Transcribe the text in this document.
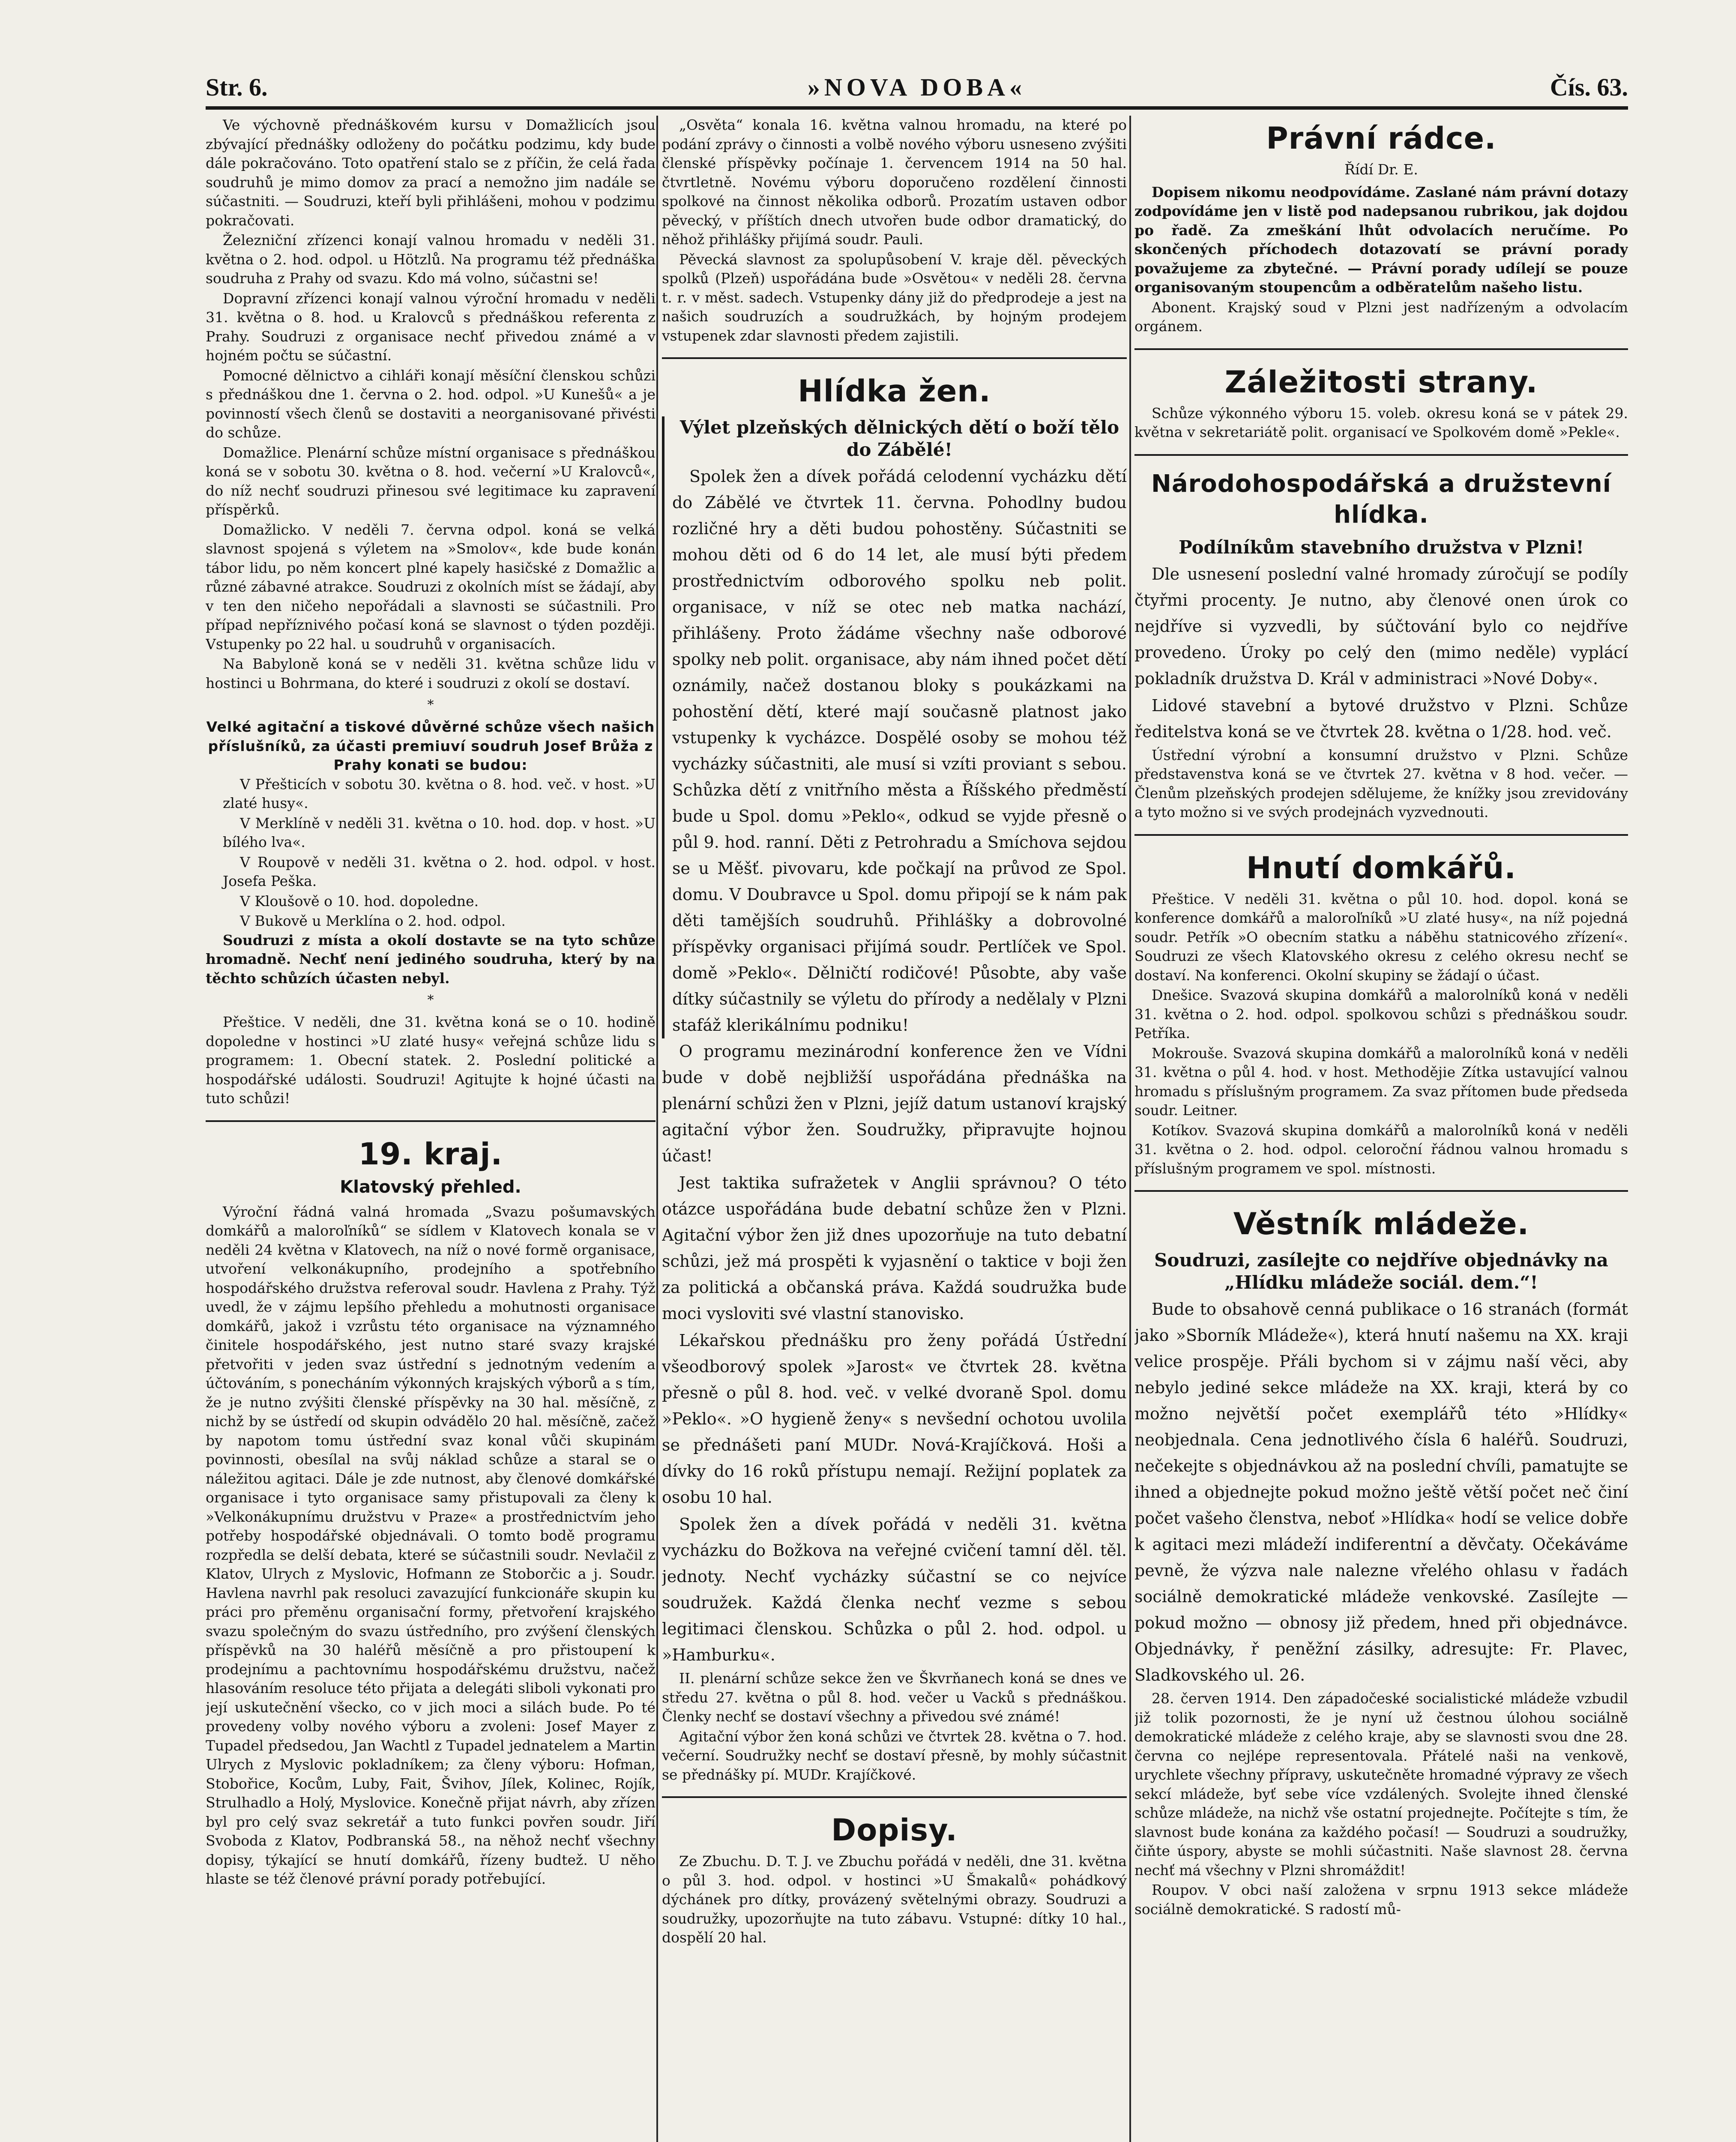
Str. 6.	»NOVA DOBA«	Čís. 63.

Ve výchovně přednáškovém kursu v Domažlicích jsou zbývající přednášky odloženy do počátku podzimu, kdy bude dále pokračováno. Toto opatření stalo se z příčin, že celá řada soudruhů je mimo domov za prací a nemožno jim nadále se súčastniti. — Soudruzi, kteří byli přihlášeni, mohou v podzimu pokračovati.

Železniční zřízenci konají valnou hromadu v neděli 31. května o 2. hod. odpol. u Hötzlů. Na programu též přednáška soudruha z Prahy od svazu. Kdo má volno, súčastni se!

Dopravní zřízenci konají valnou výroční hromadu v neděli 31. května o 8. hod. u Kralovců s přednáškou referenta z Prahy. Soudruzi z organisace nechť přivedou známé a v hojném počtu se súčastní.

Pomocné dělnictvo a cihláři konají měsíční členskou schůzi s přednáškou dne 1. června o 2. hod. odpol. »U Kunešů« a je povinností všech členů se dostaviti a neorganisované přivésti do schůze.

Domažlice. Plenární schůze místní organisace s přednáškou koná se v sobotu 30. května o 8. hod. večerní »U Kralovců«, do níž nechť soudruzi přinesou své legitimace ku zapravení příspěrků.

Domažlicko. V neděli 7. června odpol. koná se velká slavnost spojená s výletem na »Smolov«, kde bude konán tábor lidu, po něm koncert plné kapely hasičské z Domažlic a různé zábavné atrakce. Soudruzi z okolních míst se žádají, aby v ten den ničeho nepořádali a slavnosti se súčastnili. Pro případ nepříznivého počasí koná se slavnost o týden později. Vstupenky po 22 hal. u soudruhů v organisacích.

Na Babyloně koná se v neděli 31. května schůze lidu v hostinci u Bohrmana, do které i soudruzi z okolí se dostaví.

*

Velké agitační a tiskové důvěrné schůze všech našich příslušníků, za účasti premiuví soudruh Josef Brůža z Prahy konati se budou:

V Přešticích v sobotu 30. května o 8. hod. več. v host. »U zlaté husy«.

V Merklíně v neděli 31. května o 10. hod. dop. v host. »U bílého lva«.

V Roupově v neděli 31. května o 2. hod. odpol. v host. Josefa Peška.

V Kloušově o 10. hod. dopoledne.

V Bukově u Merklína o 2. hod. odpol.

Soudruzi z místa a okolí dostavte se na tyto schůze hromadně. Nechť není jediného soudruha, který by na těchto schůzích účasten nebyl.

*

Přeštice. V neděli, dne 31. května koná se o 10. hodině dopoledne v hostinci »U zlaté husy« veřejná schůze lidu s programem: 1. Obecní statek. 2. Poslední politické a hospodářské události. Soudruzi! Agitujte k hojné účasti na tuto schůzi!

19. kraj.
Klatovský přehled.

Výroční řádná valná hromada „Svazu pošumavských domkářů a maloroľníků“ se sídlem v Klatovech konala se v neděli 24 května v Klatovech, na níž o nové formě organisace, utvoření velkonákupního, prodejního a spotřebního hospodářského družstva referoval soudr. Havlena z Prahy. Týž uvedl, že v zájmu lepšího přehledu a mohutnosti organisace domkářů, jakož i vzrůstu této organisace na významného činitele hospodářského, jest nutno staré svazy krajské přetvořiti v jeden svaz ústřední s jednotným vedením a účtováním, s ponecháním výkonných krajských výborů a s tím, že je nutno zvýšiti členské příspěvky na 30 hal. měsíčně, z nichž by se ústředí od skupin odvádělo 20 hal. měsíčně, začež by napotom tomu ústřední svaz konal vůči skupinám povinnosti, obesílal na svůj náklad schůze a staral se o náležitou agitaci. Dále je zde nutnost, aby členové domkářské organisace i tyto organisace samy přistupovali za členy k »Velkonákupnímu družstvu v Praze« a prostřednictvím jeho potřeby hospodářské objednávali. O tomto bodě programu rozpředla se delší debata, které se súčastnili soudr. Nevlačil z Klatov, Ulrych z Myslovic, Hofmann ze Stoborčic a j. Soudr. Havlena navrhl pak resoluci zavazující funkcionáře skupin ku práci pro přeměnu organisační formy, přetvoření krajského svazu společným do svazu ústředního, pro zvýšení členských příspěvků na 30 haléřů měsíčně a pro přistoupení k prodejnímu a pachtovnímu hospodářskému družstvu, načež hlasováním resoluce této přijata a delegáti sliboli vykonati pro její uskutečnění všecko, co v jich moci a silách bude. Po té provedeny volby nového výboru a zvoleni: Josef Mayer z Tupadel předsedou, Jan Wachtl z Tupadel jednatelem a Martin Ulrych z Myslovic pokladníkem; za členy výboru: Hofman, Stobořice, Kocům, Luby, Fait, Švihov, Jílek, Kolinec, Rojík, Strulhadlo a Holý, Myslovice. Konečně přijat návrh, aby zřízen byl pro celý svaz sekretář a tuto funkci povřen soudr. Jiří Svoboda z Klatov, Podbranská 58., na něhož nechť všechny dopisy, týkající se hnutí domkářů, řízeny budtež. U něho hlaste se též členové právní porady potřebující.

„Osvěta“ konala 16. května valnou hromadu, na které po podání zprávy o činnosti a volbě nového výboru usneseno zvýšiti členské příspěvky počínaje 1. červencem 1914 na 50 hal. čtvrtletně. Novému výboru doporučeno rozdělení činnosti spolkové na činnost několika odborů. Prozatím ustaven odbor pěvecký, v příštích dnech utvořen bude odbor dramatický, do něhož přihlášky přijímá soudr. Pauli.

Pěvecká slavnost za spolupůsobení V. kraje děl. pěveckých spolků (Plzeň) uspořádána bude »Osvětou« v neděli 28. června t. r. v měst. sadech. Vstupenky dány již do předprodeje a jest na našich soudruzích a soudružkách, by hojným prodejem vstupenek zdar slavnosti předem zajistili.

Hlídka žen.
Výlet plzeňských dělnických dětí o boží tělo do Zábělé!

Spolek žen a dívek pořádá celodenní vycházku dětí do Zábělé ve čtvrtek 11. června. Pohodlny budou rozličné hry a děti budou pohostěny. Súčastniti se mohou děti od 6 do 14 let, ale musí býti předem prostřednictvím odborového spolku neb polit. organisace, v níž se otec neb matka nachází, přihlášeny. Proto žádáme všechny naše odborové spolky neb polit. organisace, aby nám ihned počet dětí oznámily, načež dostanou bloky s poukázkami na pohostění dětí, které mají současně platnost jako vstupenky k vycházce. Dospělé osoby se mohou též vycházky súčastniti, ale musí si vzíti proviant s sebou. Schůzka dětí z vnitřního města a Říšského předměstí bude u Spol. domu »Peklo«, odkud se vyjde přesně o půl 9. hod. ranní. Děti z Petrohradu a Smíchova sejdou se u Měšť. pivovaru, kde počkají na průvod ze Spol. domu. V Doubravce u Spol. domu připojí se k nám pak děti tamějších soudruhů. Přihlášky a dobrovolné příspěvky organisaci přijímá soudr. Pertlíček ve Spol. domě »Peklo«. Dělničtí rodičové! Působte, aby vaše dítky súčastnily se výletu do přírody a nedělaly v Plzni stafáž klerikálnímu podniku!

O programu mezinárodní konference žen ve Vídni bude v době nejbližší uspořádána přednáška na plenární schůzi žen v Plzni, jejíž datum ustanoví krajský agitační výbor žen. Soudružky, připravujte hojnou účast!

Jest taktika sufražetek v Anglii správnou? O této otázce uspořádána bude debatní schůze žen v Plzni. Agitační výbor žen již dnes upozorňuje na tuto debatní schůzi, jež má prospěti k vyjasnění o taktice v boji žen za politická a občanská práva. Každá soudružka bude moci vysloviti své vlastní stanovisko.

Lékařskou přednášku pro ženy pořádá Ústřední všeodborový spolek »Jarost« ve čtvrtek 28. května přesně o půl 8. hod. več. v velké dvoraně Spol. domu »Peklo«. »O hygieně ženy« s nevšední ochotou uvolila se přednášeti paní MUDr. Nová-Krajíčková. Hoši a dívky do 16 roků přístupu nemají. Režijní poplatek za osobu 10 hal.

Spolek žen a dívek pořádá v neděli 31. května vycházku do Božkova na veřejné cvičení tamní děl. těl. jednoty. Nechť vycházky súčastní se co nejvíce soudružek. Každá členka nechť vezme s sebou legitimaci členskou. Schůzka o půl 2. hod. odpol. u »Hamburku«.

II. plenární schůze sekce žen ve Škvrňanech koná se dnes ve středu 27. května o půl 8. hod. večer u Vacků s přednáškou. Členky nechť se dostaví všechny a přivedou své známé!

Agitační výbor žen koná schůzi ve čtvrtek 28. května o 7. hod. večerní. Soudružky nechť se dostaví přesně, by mohly súčastnit se přednášky pí. MUDr. Krajíčkové.

Dopisy.

Ze Zbuchu. D. T. J. ve Zbuchu pořádá v neděli, dne 31. května o půl 3. hod. odpol. v hostinci »U Šmakalů« pohádkový dýchánek pro dítky, provázený světelnými obrazy. Soudruzi a soudružky, upozorňujte na tuto zábavu. Vstupné: dítky 10 hal., dospělí 20 hal.

Právní rádce.
Řídí Dr. E.

Dopisem nikomu neodpovídáme. Zaslané nám právní dotazy zodpovídáme jen v listě pod nadepsanou rubrikou, jak dojdou po řadě. Za zmeškání lhůt odvolacích neručíme. Po skončených příchodech dotazovatí se právní porady považujeme za zbytečné. — Právní porady udílejí se pouze organisovaným stoupencům a odběratelům našeho listu.

Abonent. Krajský soud v Plzni jest nadřízeným a odvolacím orgánem.

Záležitosti strany.

Schůze výkonného výboru 15. voleb. okresu koná se v pátek 29. května v sekretariátě polit. organisací ve Spolkovém domě »Pekle«.

Národohospodářská a družstevní hlídka.
Podílníkům stavebního družstva v Plzni!

Dle usnesení poslední valné hromady zúročují se podíly čtyřmi procenty. Je nutno, aby členové onen úrok co nejdříve si vyzvedli, by súčtování bylo co nejdříve provedeno. Úroky po celý den (mimo neděle) vyplácí pokladník družstva D. Král v administraci »Nové Doby«.

Lidové stavební a bytové družstvo v Plzni. Schůze ředitelstva koná se ve čtvrtek 28. května o 1/28. hod. več.

Ústřední výrobní a konsumní družstvo v Plzni. Schůze představenstva koná se ve čtvrtek 27. května v 8 hod. večer. — Členům plzeňských prodejen sdělujeme, že knížky jsou zrevidovány a tyto možno si ve svých prodejnách vyzvednouti.

Hnutí domkářů.

Přeštice. V neděli 31. května o půl 10. hod. dopol. koná se konference domkářů a maloroľníků »U zlaté husy«, na níž pojedná soudr. Petřík »O obecním statku a náběhu statnicového zřízení«. Soudruzi ze všech Klatovského okresu z celého okresu nechť se dostaví. Na konferenci. Okolní skupiny se žádají o účast.

Dnešice. Svazová skupina domkářů a malorolníků koná v neděli 31. května o 2. hod. odpol. spolkovou schůzi s přednáškou soudr. Petříka.

Mokrouše. Svazová skupina domkářů a malorolníků koná v neděli 31. května o půl 4. hod. v host. Methodějie Zítka ustavující valnou hromadu s příslušným programem. Za svaz přítomen bude předseda soudr. Leitner.

Kotíkov. Svazová skupina domkářů a malorolníků koná v neděli 31. května o 2. hod. odpol. celoroční řádnou valnou hromadu s příslušným programem ve spol. místnosti.

Věstník mládeže.
Soudruzi, zasílejte co nejdříve objednávky na „Hlídku mládeže sociál. dem.“!

Bude to obsahově cenná publikace o 16 stranách (formát jako »Sborník Mládeže«), která hnutí našemu na XX. kraji velice prospěje. Přáli bychom si v zájmu naší věci, aby nebylo jediné sekce mládeže na XX. kraji, která by co možno největší počet exemplářů této »Hlídky« neobjednala. Cena jednotlivého čísla 6 haléřů. Soudruzi, nečekejte s objednávkou až na poslední chvíli, pamatujte se ihned a objednejte pokud možno ještě větší počet neč činí počet vašeho členstva, neboť »Hlídka« hodí se velice dobře k agitaci mezi mládeží indiferentní a děvčaty. Očekáváme pevně, že výzva nale nalezne vřelého ohlasu v řadách sociálně demokratické mládeže venkovské. Zasílejte — pokud možno — obnosy již předem, hned při objednávce. Objednávky, ř peněžní zásilky, adresujte: Fr. Plavec, Sladkovského ul. 26.

28. červen 1914. Den západočeské socialistické mládeže vzbudil již tolik pozornosti, že je nyní už čestnou úlohou sociálně demokratické mládeže z celého kraje, aby se slavnosti svou dne 28. června co nejlépe representovala. Přátelé naši na venkově, urychlete všechny přípravy, uskutečněte hromadné výpravy ze všech sekcí mládeže, byť sebe více vzdálených. Svolejte ihned členské schůze mládeže, na nichž vše ostatní projednejte. Počítejte s tím, že slavnost bude konána za každého počasí! — Soudruzi a soudružky, čiňte úspory, abyste se mohli súčastniti. Naše slavnost 28. června nechť má všechny v Plzni shromáždit!

Roupov. V obci naší založena v srpnu 1913 sekce mládeže sociálně demokratické. S radostí mů-
